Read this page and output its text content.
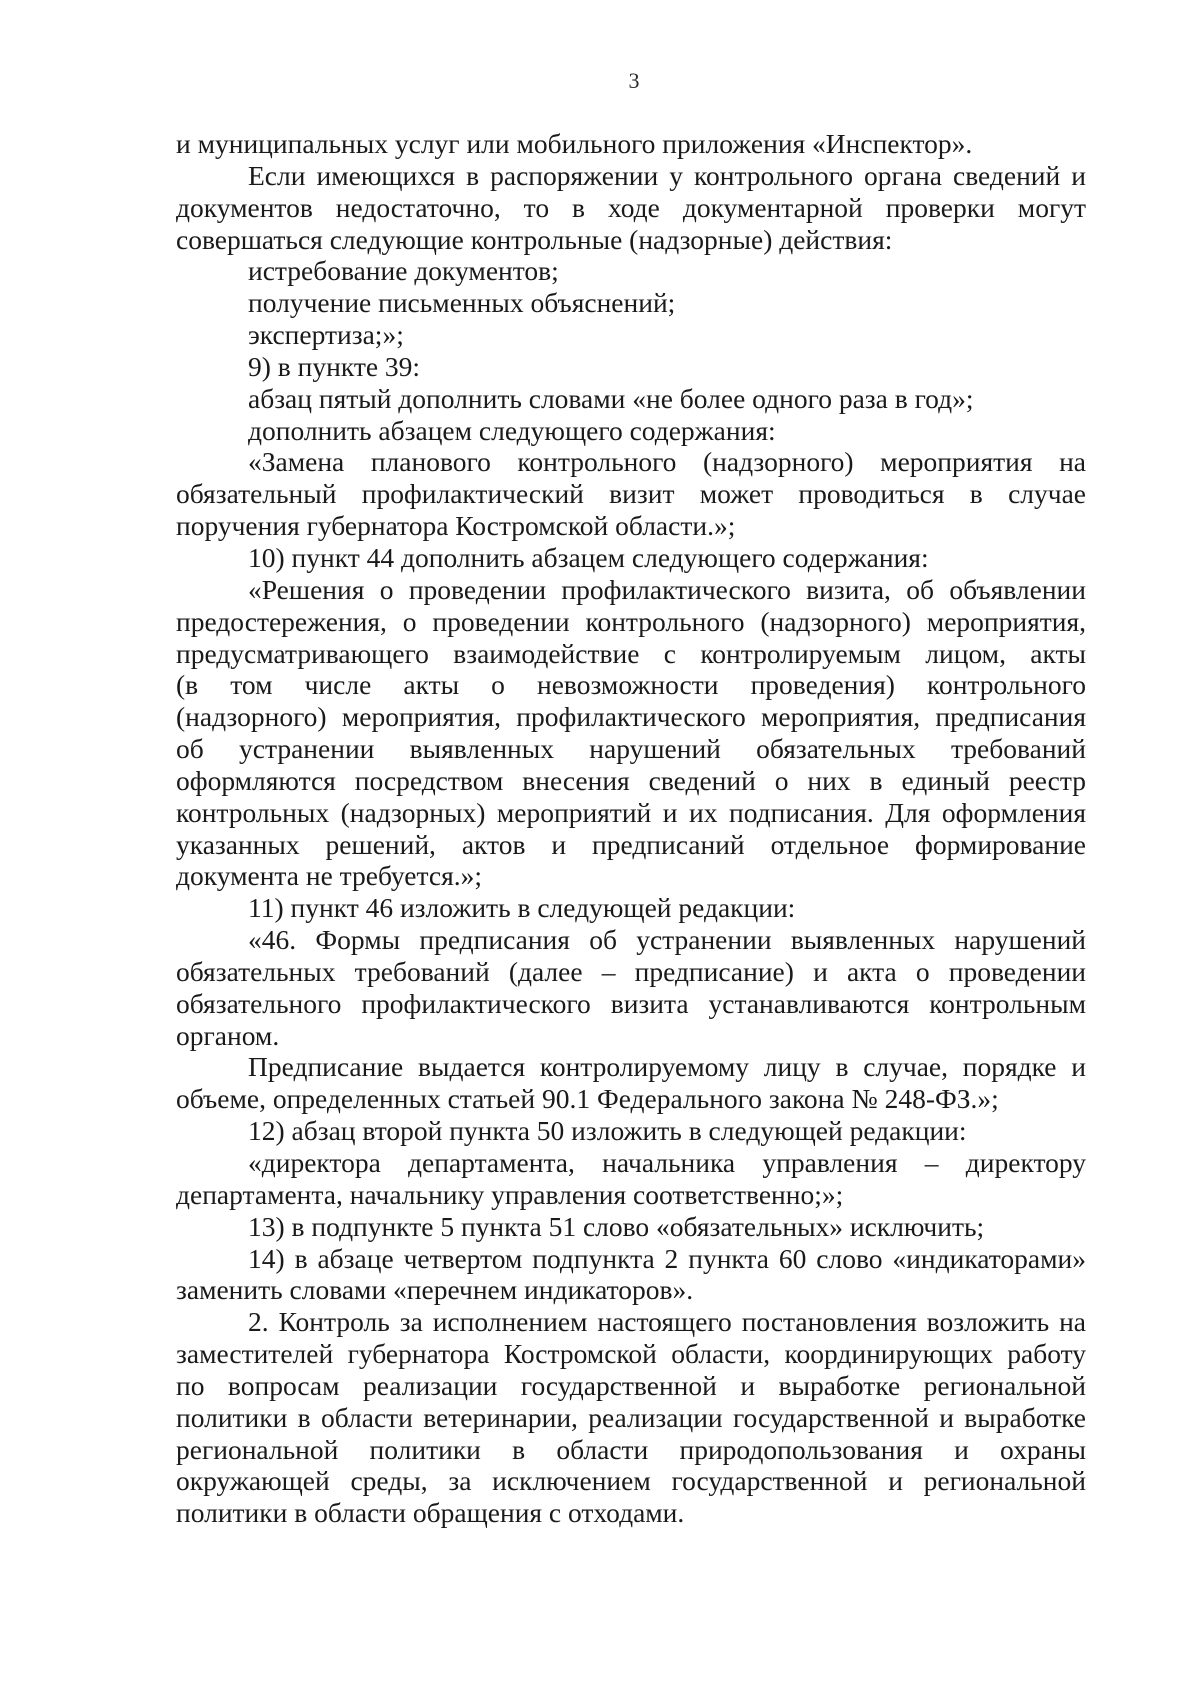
3
и муниципальных услуг или мобильного приложения «Инспектор».
Если имеющихся в распоряжении у контрольного органа сведений и
документов недостаточно, то в ходе документарной проверки могут
совершаться следующие контрольные (надзорные) действия:
истребование документов;
получение письменных объяснений;
экспертиза;»;
9) в пункте 39:
абзац пятый дополнить словами «не более одного раза в год»;
дополнить абзацем следующего содержания:
«Замена планового контрольного (надзорного) мероприятия на
обязательный профилактический визит может проводиться в случае
поручения губернатора Костромской области.»;
10) пункт 44 дополнить абзацем следующего содержания:
«Решения о проведении профилактического визита, об объявлении
предостережения, о проведении контрольного (надзорного) мероприятия,
предусматривающего взаимодействие с контролируемым лицом, акты
(в том числе акты о невозможности проведения) контрольного
(надзорного) мероприятия, профилактического мероприятия, предписания
об устранении выявленных нарушений обязательных требований
оформляются посредством внесения сведений о них в единый реестр
контрольных (надзорных) мероприятий и их подписания. Для оформления
указанных решений, актов и предписаний отдельное формирование
документа не требуется.»;
11) пункт 46 изложить в следующей редакции:
«46. Формы предписания об устранении выявленных нарушений
обязательных требований (далее – предписание) и акта о проведении
обязательного профилактического визита устанавливаются контрольным
органом.
Предписание выдается контролируемому лицу в случае, порядке и
объеме, определенных статьей 90.1 Федерального закона № 248-ФЗ.»;
12) абзац второй пункта 50 изложить в следующей редакции:
«директора департамента, начальника управления – директору
департамента, начальнику управления соответственно;»;
13) в подпункте 5 пункта 51 слово «обязательных» исключить;
14) в абзаце четвертом подпункта 2 пункта 60 слово «индикаторами»
заменить словами «перечнем индикаторов».
2. Контроль за исполнением настоящего постановления возложить на
заместителей губернатора Костромской области, координирующих работу
по вопросам реализации государственной и выработке региональной
политики в области ветеринарии, реализации государственной и выработке
региональной политики в области природопользования и охраны
окружающей среды, за исключением государственной и региональной
политики в области обращения с отходами.
